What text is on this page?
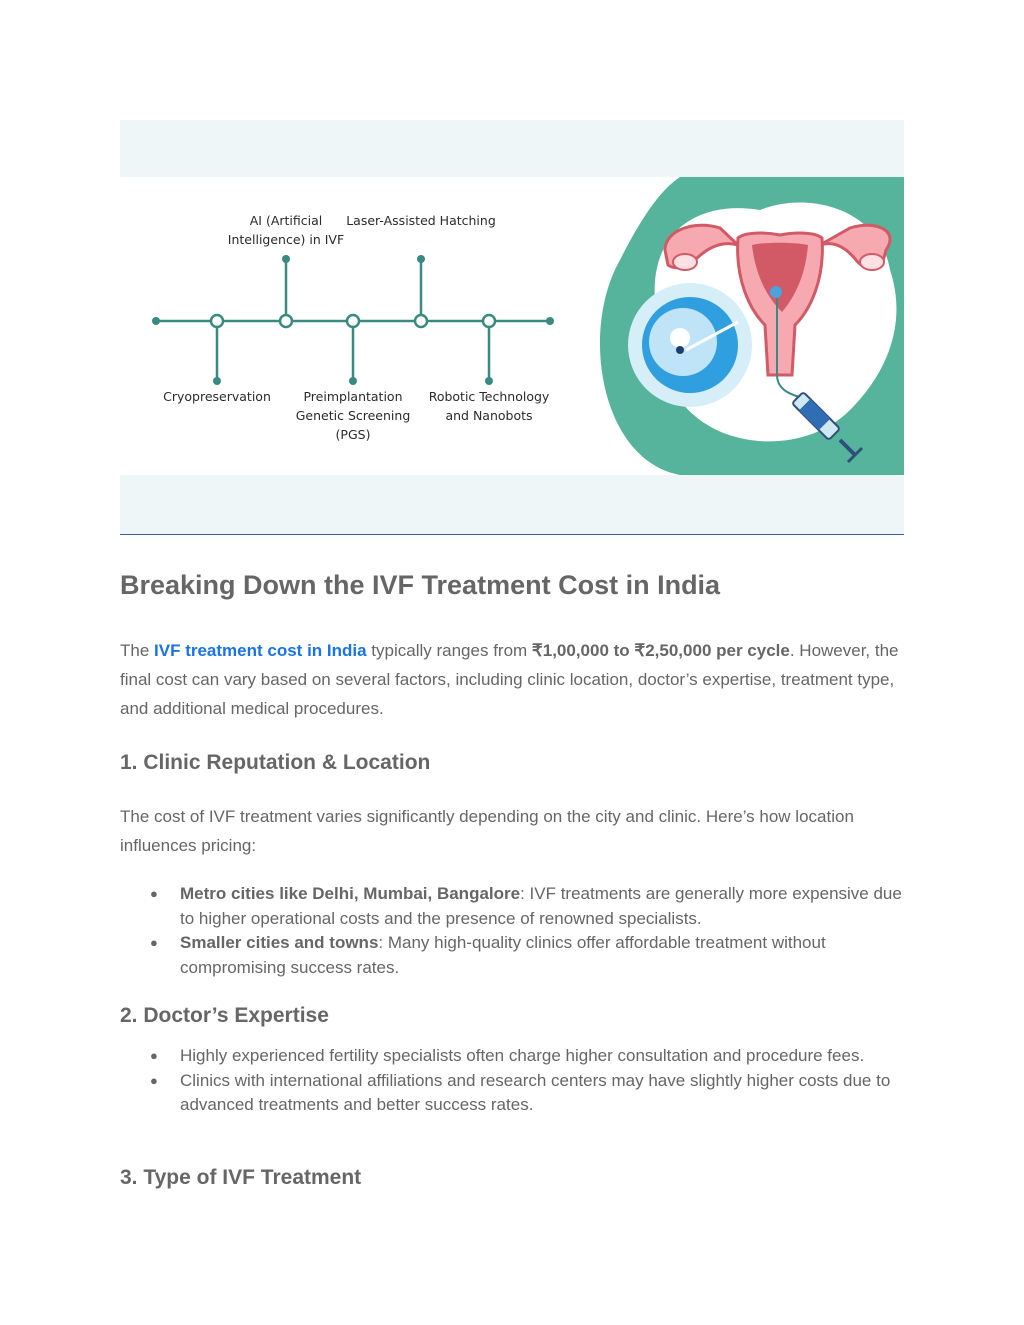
AI (Artificial Intelligence) in IVF
Laser-Assisted Hatching
Cryopreservation	Preimplantation Genetic Screening (PGS)
Robotic Technology and Nanobots
Breaking Down the IVF Treatment Cost in India

The IVF treatment cost in India typically ranges from ₹1,00,000 to ₹2,50,000 per cycle. However, the final cost can vary based on several factors, including clinic location, doctor’s expertise, treatment type, and additional medical procedures.

1. Clinic Reputation & Location

The cost of IVF treatment varies significantly depending on the city and clinic. Here’s how location influences pricing:

● Metro cities like Delhi, Mumbai, Bangalore: IVF treatments are generally more expensive due to higher operational costs and the presence of renowned specialists.
● Smaller cities and towns: Many high-quality clinics offer affordable treatment without compromising success rates.
2. Doctor’s Expertise
● Highly experienced fertility specialists often charge higher consultation and procedure fees.
● Clinics with international affiliations and research centers may have slightly higher costs due to advanced treatments and better success rates.
3. Type of IVF Treatment
